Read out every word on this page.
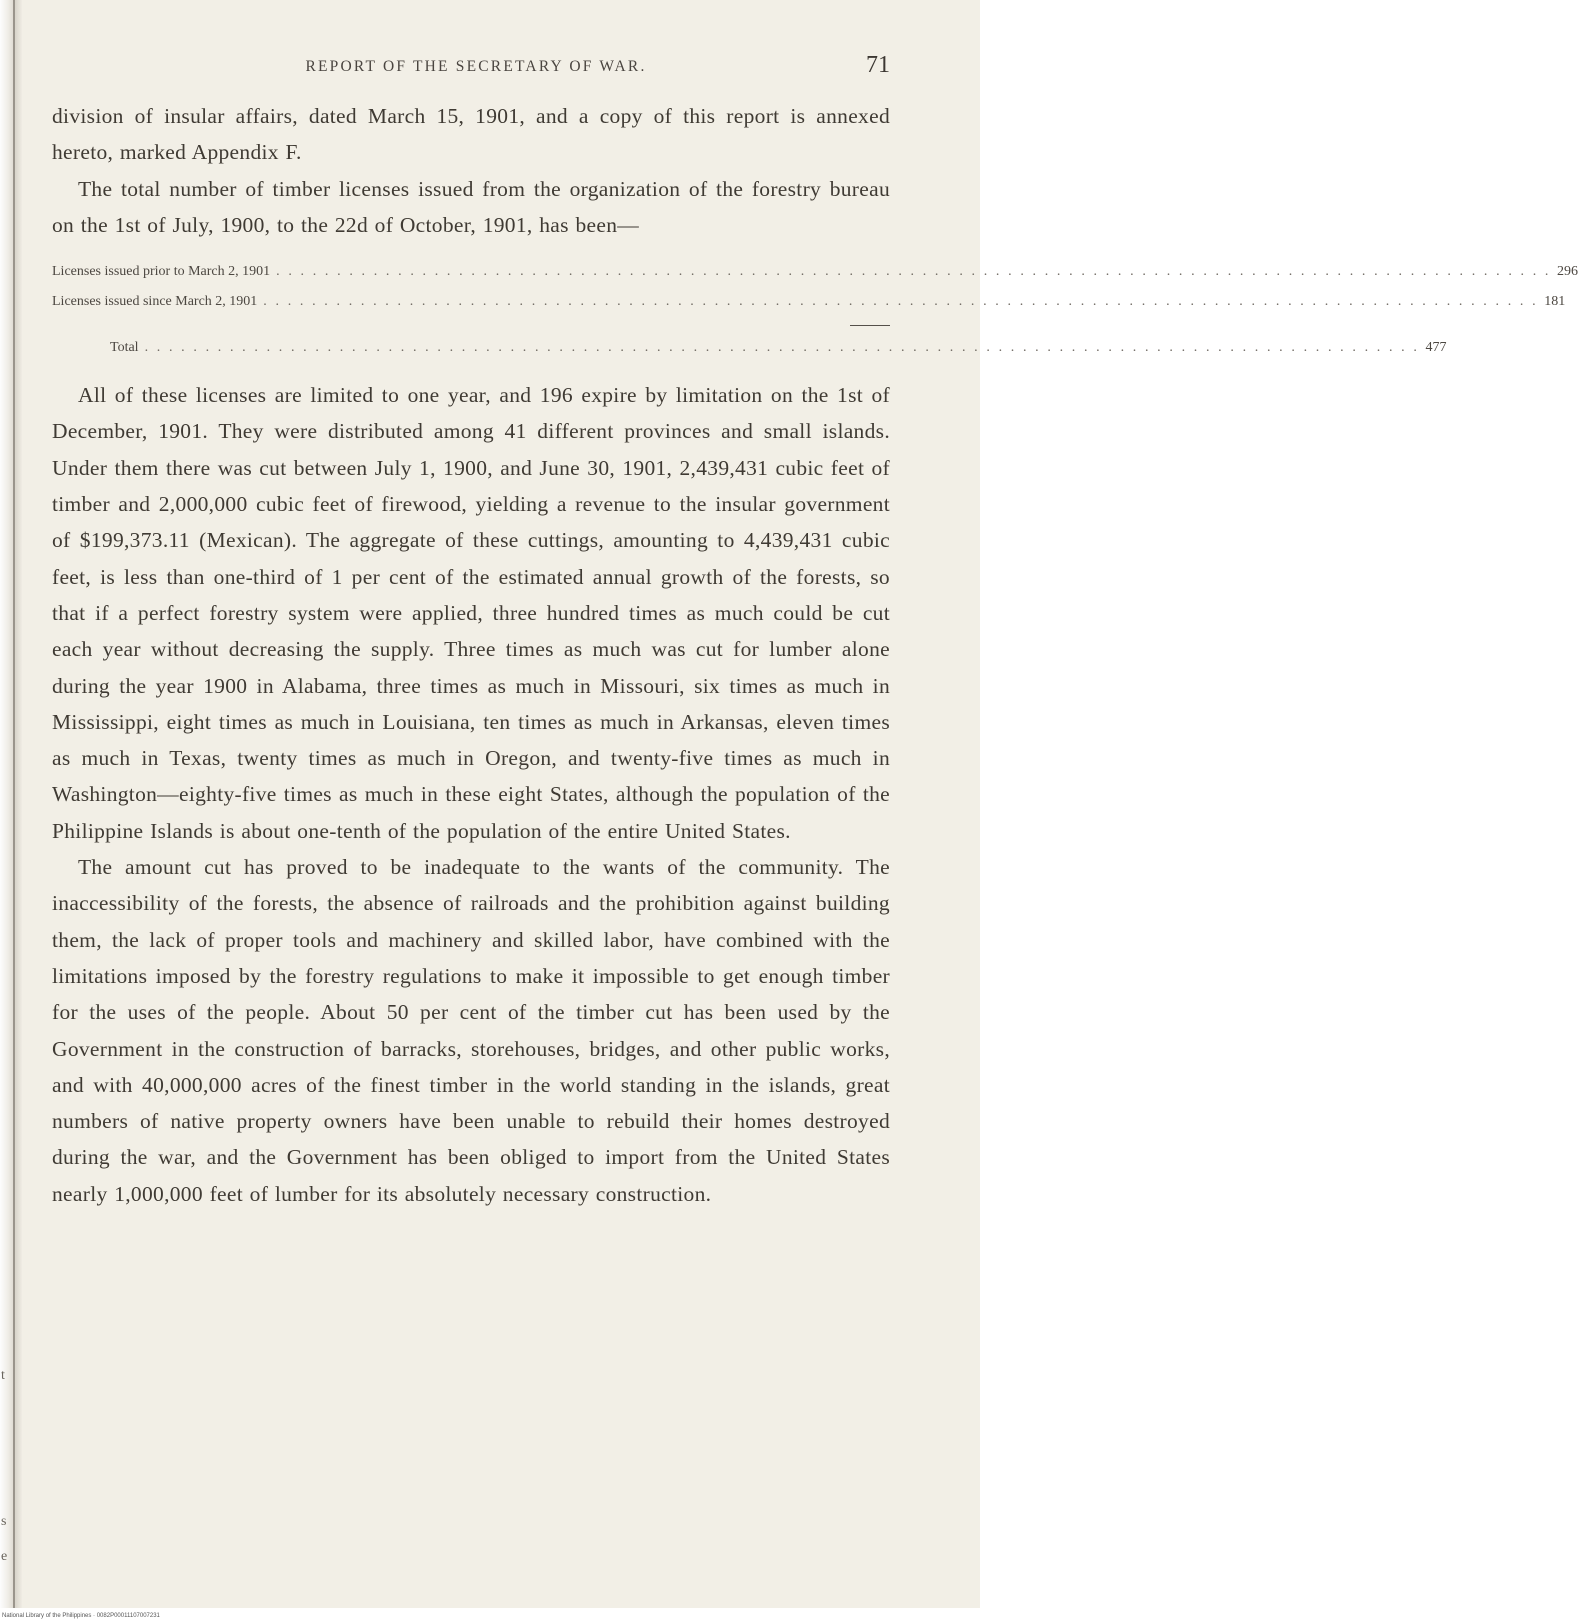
REPORT OF THE SECRETARY OF WAR.	71

division of insular affairs, dated March 15, 1901, and a copy of this report is annexed hereto, marked Appendix F.

The total number of timber licenses issued from the organization of the forestry bureau on the 1st of July, 1900, to the 22d of October, 1901, has been—

Licenses issued prior to March 2, 1901 . . . . . . . . . . . . . . . . . . . . . . . . . . . . . . . . . . . . . . . . . . . . . . . . . . . . . . . . . . . . . . . . . . . . . . . . . . . . . . . . . . . . . . . . . . . . . . . . . . . . . . . . . 296
Licenses issued since March 2, 1901 . . . . . . . . . . . . . . . . . . . . . . . . . . . . . . . . . . . . . . . . . . . . . . . . . . . . . . . . . . . . . . . . . . . . . . . . . . . . . . . . . . . . . . . . . . . . . . . . . . . . . . . . . 181
Total . . . . . . . . . . . . . . . . . . . . . . . . . . . . . . . . . . . . . . . . . . . . . . . . . . . . . . . . . . . . . . . . . . . . . . . . . . . . . . . . . . . . . . . . . . . . . . . . . . . . . . . . . 477

All of these licenses are limited to one year, and 196 expire by limitation on the 1st of December, 1901. They were distributed among 41 different provinces and small islands. Under them there was cut between July 1, 1900, and June 30, 1901, 2,439,431 cubic feet of timber and 2,000,000 cubic feet of firewood, yielding a revenue to the insular government of $199,373.11 (Mexican). The aggregate of these cuttings, amounting to 4,439,431 cubic feet, is less than one-third of 1 per cent of the estimated annual growth of the forests, so that if a perfect forestry system were applied, three hundred times as much could be cut each year without decreasing the supply. Three times as much was cut for lumber alone during the year 1900 in Alabama, three times as much in Missouri, six times as much in Mississippi, eight times as much in Louisiana, ten times as much in Arkansas, eleven times as much in Texas, twenty times as much in Oregon, and twenty-five times as much in Washington—eighty-five times as much in these eight States, although the population of the Philippine Islands is about one-tenth of the population of the entire United States.

The amount cut has proved to be inadequate to the wants of the community. The inaccessibility of the forests, the absence of railroads and the prohibition against building them, the lack of proper tools and machinery and skilled labor, have combined with the limitations imposed by the forestry regulations to make it impossible to get enough timber for the uses of the people. About 50 per cent of the timber cut has been used by the Government in the construction of barracks, storehouses, bridges, and other public works, and with 40,000,000 acres of the finest timber in the world standing in the islands, great numbers of native property owners have been unable to rebuild their homes destroyed during the war, and the Government has been obliged to import from the United States nearly 1,000,000 feet of lumber for its absolutely necessary construction.

t
s
e
National Library of the Philippines · 0082P00011107007231
